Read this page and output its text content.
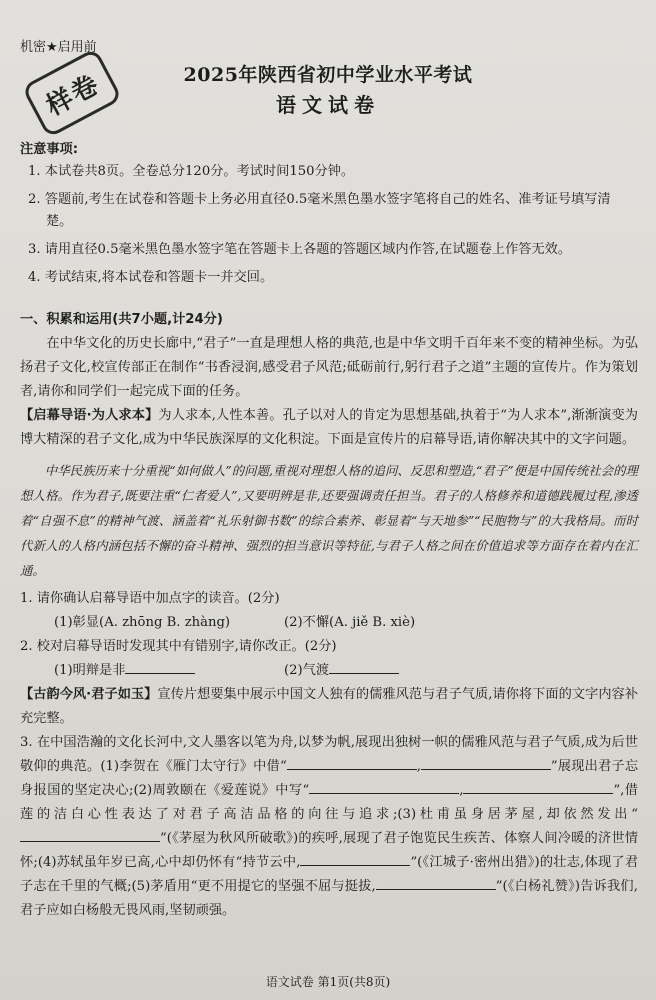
机密★启用前
样卷	2025年陕西省初中学业水平考试
语文试卷
注意事项:
1. 本试卷共8页。全卷总分120分。考试时间150分钟。
2. 答题前,考生在试卷和答题卡上务必用直径0.5毫米黑色墨水签字笔将自己的姓名、准考证号填写清楚。
3. 请用直径0.5毫米黑色墨水签字笔在答题卡上各题的答题区域内作答,在试题卷上作答无效。
4. 考试结束,将本试卷和答题卡一并交回。
一、积累和运用(共7小题,计24分)
在中华文化的历史长廊中,“君子”一直是理想人格的典范,也是中华文明千百年来不变的精神坐标。为弘扬君子文化,校宣传部正在制作“书香浸润,感受君子风范;砥砺前行,躬行君子之道”主题的宣传片。作为策划者,请你和同学们一起完成下面的任务。
【启幕导语·为人求本】为人求本,人性本善。孔子以对人的肯定为思想基础,执着于“为人求本”,渐渐演变为博大精深的君子文化,成为中华民族深厚的文化积淀。下面是宣传片的启幕导语,请你解决其中的文字问题。
中华民族历来十分重视“如何做人”的问题,重视对理想人格的追问、反思和塑造,“君子”便是中国传统社会的理想人格。作为君子,既要注重“仁者爱人”,又要明辨是非,还要强调责任担当。君子的人格修养和道德践履过程,渗透着“自强不息”的精神气渡、涵盖着“礼乐射御书数”的综合素养、彰显着“与天地参”“民胞物与”的大我格局。而时代新人的人格内涵包括不懈的奋斗精神、强烈的担当意识等特征,与君子人格之间在价值追求等方面存在着内在汇通。
1. 请你确认启幕导语中加点字的读音。(2分)
(1)彰显(A. zhōng B. zhàng)	(2)不懈(A. jiě B. xiè)
2. 校对启幕导语时发现其中有错别字,请你改正。(2分)
(1)明辩是非	(2)气渡
【古韵今风·君子如玉】宣传片想要集中展示中国文人独有的儒雅风范与君子气质,请你将下面的文字内容补充完整。
3. 在中国浩瀚的文化长河中,文人墨客以笔为舟,以梦为帆,展现出独树一帜的儒雅风范与君子气质,成为后世敬仰的典范。(1)李贺在《雁门太守行》中借“	,	”展现出君子忘身报国的坚定决心;(2)周敦颐在《爱莲说》中写“	,	”,借莲的洁白心性表达了对君子高洁品格的向往与追求;(3)杜甫虽身居茅屋,却依然发出“”(《茅屋为秋风所破歌》)的疾呼,展现了君子饱览民生疾苦、体察人间冷暖的济世情怀;(4)苏轼虽年岁已高,心中却仍怀有“持节云中,	”(《江城子·密州出猎》)的壮志,体现了君子志在千里的气概;(5)茅盾用“更不用提它的坚强不屈与挺拔,	”(《白杨礼赞》)告诉我们,君子应如白杨般无畏风雨,坚韧顽强。
语文试卷 第1页(共8页)
